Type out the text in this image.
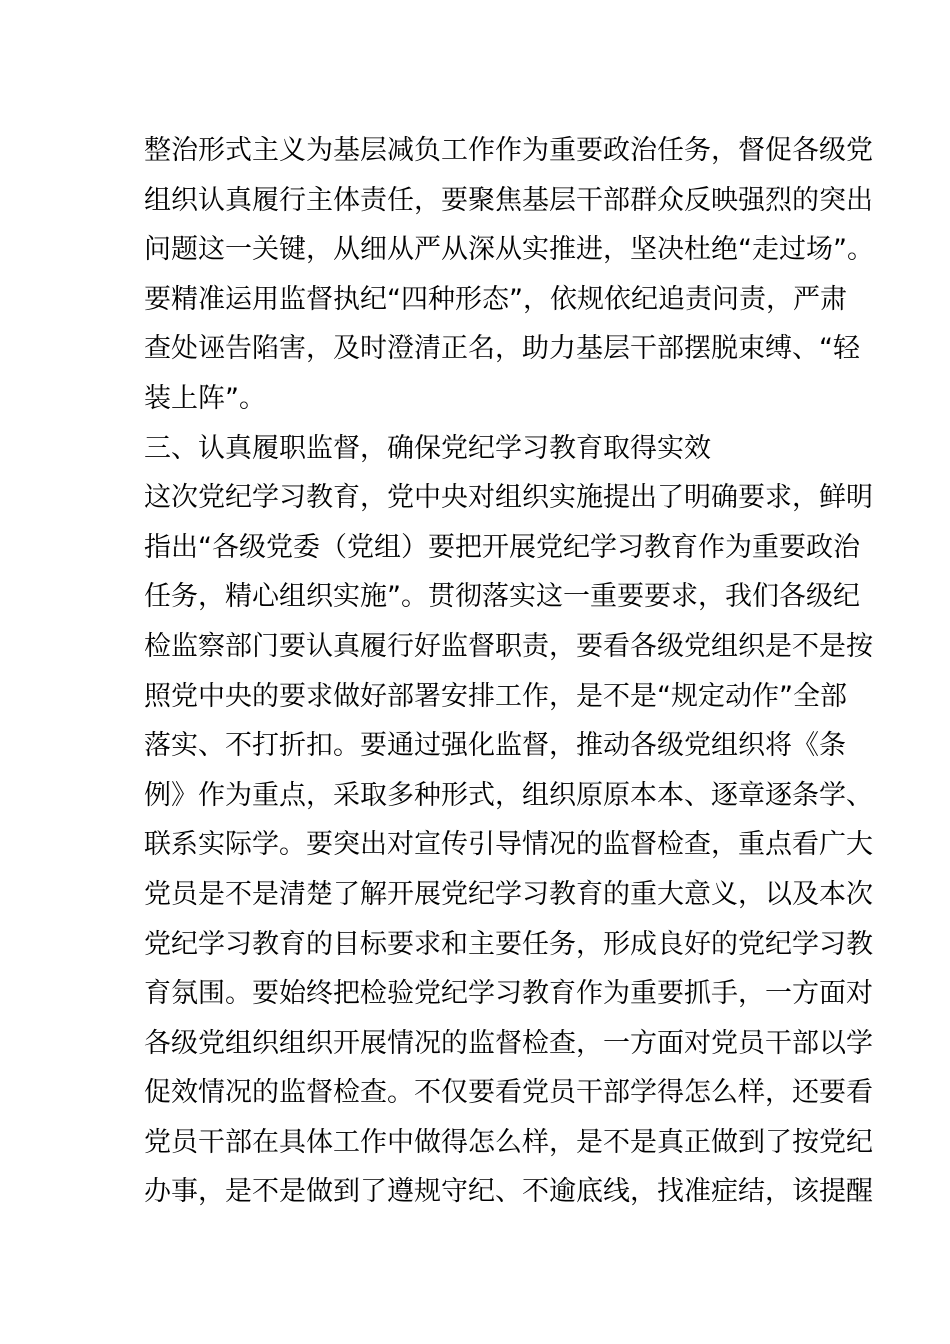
整治形式主义为基层减负工作作为重要政治任务，督促各级党
组织认真履行主体责任，要聚焦基层干部群众反映强烈的突出
问题这一关键，从细从严从深从实推进，坚决杜绝“走过场”。
要精准运用监督执纪“四种形态”，依规依纪追责问责，严肃
查处诬告陷害，及时澄清正名，助力基层干部摆脱束缚、“轻
装上阵”。
三、认真履职监督，确保党纪学习教育取得实效
这次党纪学习教育，党中央对组织实施提出了明确要求，鲜明
指出“各级党委（党组）要把开展党纪学习教育作为重要政治
任务，精心组织实施”。贯彻落实这一重要要求，我们各级纪
检监察部门要认真履行好监督职责，要看各级党组织是不是按
照党中央的要求做好部署安排工作，是不是“规定动作”全部
落实、不打折扣。要通过强化监督，推动各级党组织将《条
例》作为重点，采取多种形式，组织原原本本、逐章逐条学、
联系实际学。要突出对宣传引导情况的监督检查，重点看广大
党员是不是清楚了解开展党纪学习教育的重大意义，以及本次
党纪学习教育的目标要求和主要任务，形成良好的党纪学习教
育氛围。要始终把检验党纪学习教育作为重要抓手，一方面对
各级党组织组织开展情况的监督检查，一方面对党员干部以学
促效情况的监督检查。不仅要看党员干部学得怎么样，还要看
党员干部在具体工作中做得怎么样，是不是真正做到了按党纪
办事，是不是做到了遵规守纪、不逾底线，找准症结，该提醒
